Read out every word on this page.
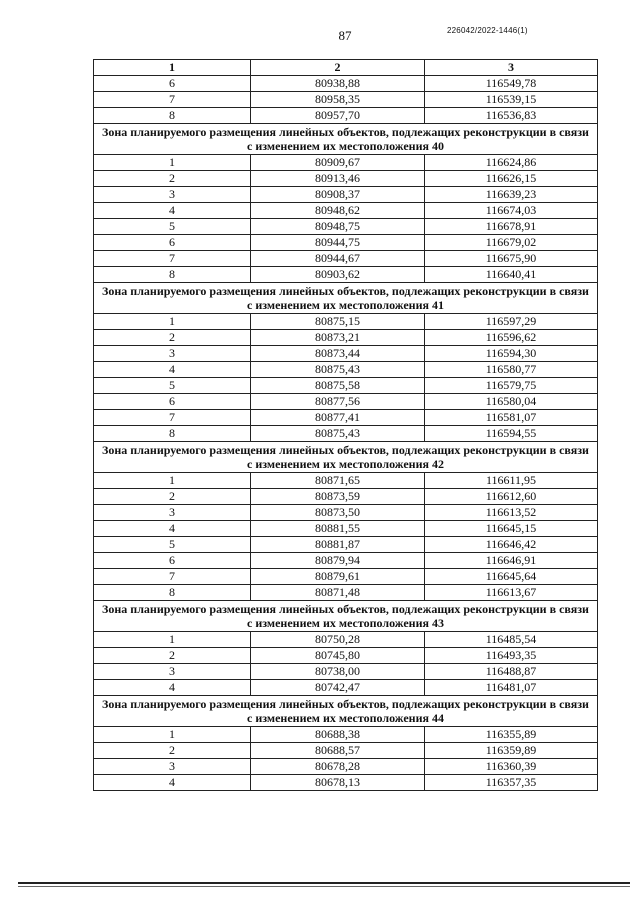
87	226042/2022-1446(1)
1	2	3
6	80938,88	116549,78
7	80958,35	116539,15
8	80957,70	116536,83
Зона планируемого размещения линейных объектов, подлежащих реконструкции в связи с изменением их местоположения 40		
1	80909,67	116624,86
2	80913,46	116626,15
3	80908,37	116639,23
4	80948,62	116674,03
5	80948,75	116678,91
6	80944,75	116679,02
7	80944,67	116675,90
8	80903,62	116640,41
Зона планируемого размещения линейных объектов, подлежащих реконструкции в связи с изменением их местоположения 41		
1	80875,15	116597,29
2	80873,21	116596,62
3	80873,44	116594,30
4	80875,43	116580,77
5	80875,58	116579,75
6	80877,56	116580,04
7	80877,41	116581,07
8	80875,43	116594,55
Зона планируемого размещения линейных объектов, подлежащих реконструкции в связи с изменением их местоположения 42		
1	80871,65	116611,95
2	80873,59	116612,60
3	80873,50	116613,52
4	80881,55	116645,15
5	80881,87	116646,42
6	80879,94	116646,91
7	80879,61	116645,64
8	80871,48	116613,67
Зона планируемого размещения линейных объектов, подлежащих реконструкции в связи с изменением их местоположения 43		
1	80750,28	116485,54
2	80745,80	116493,35
3	80738,00	116488,87
4	80742,47	116481,07
Зона планируемого размещения линейных объектов, подлежащих реконструкции в связи с изменением их местоположения 44		
1	80688,38	116355,89
2	80688,57	116359,89
3	80678,28	116360,39
4	80678,13	116357,35
